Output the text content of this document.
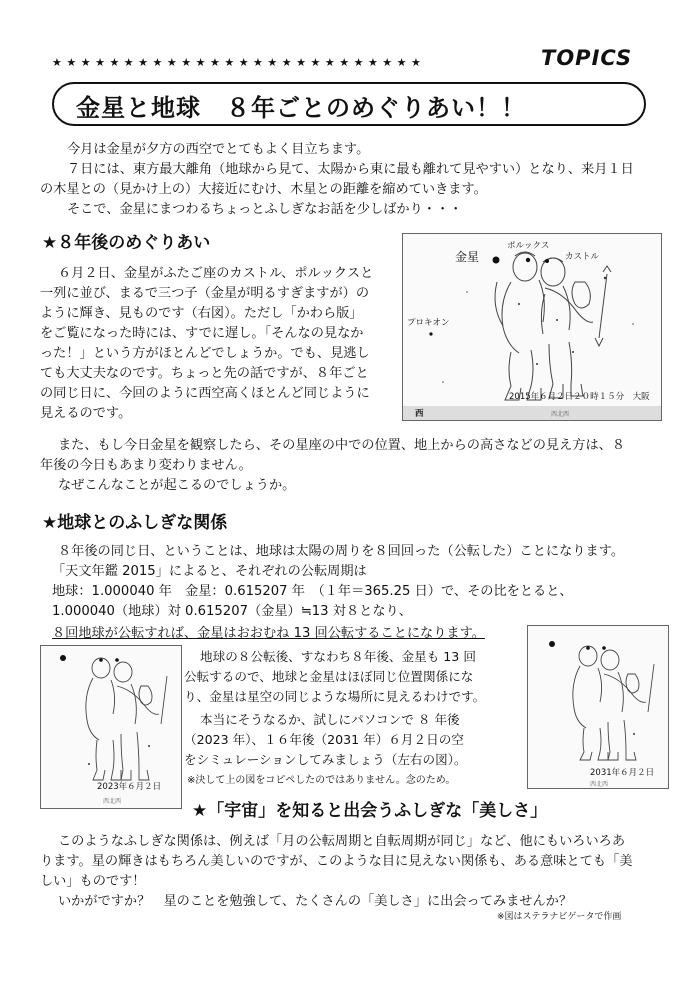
★★★★★★★★★★★★★★★★★★★★★★★★★★	TOPICS
金星と地球　８年ごとのめぐりあい！！
今月は金星が夕方の西空でとてもよく目立ちます。
７日には、東方最大離角（地球から見て、太陽から東に最も離れて見やすい）となり、来月１日
の木星との（見かけ上の）大接近にむけ、木星との距離を縮めていきます。
そこで、金星にまつわるちょっとふしぎなお話を少しばかり・・・
★８年後のめぐりあい
６月２日、金星がふたご座のカストル、ポルックスと
一列に並び、まるで三つ子（金星が明るすぎますが）の
ように輝き、見ものです（右図）。ただし「かわら版」
をご覧になった時には、すでに遅し。「そんなの見なか
った！」という方がほとんどでしょうか。でも、見逃し
ても大丈夫なのです。ちょっと先の話ですが、８年ごと
の同じ日に、今回のように西空高くほとんど同じように
見えるのです。
また、もし今日金星を観察したら、その星座の中での位置、地上からの高さなどの見え方は、８
年後の今日もあまり変わりません。
なぜこんなことが起こるのでしょうか。
金星
ポルックス
カストル
プロキオン
2015年６月２日２０時１５分　大阪
西	西北西
★地球とのふしぎな関係
８年後の同じ日、ということは、地球は太陽の周りを８回回った（公転した）ことになります。
「天文年鑑 2015」によると、それぞれの公転周期は
地球：1.000040 年　金星：0.615207 年　（１年＝365.25 日）で、その比をとると、
1.000040（地球）対 0.615207（金星）≒13 対８となり、
８回地球が公転すれば、金星はおおむね 13 回公転することになります。
地球の８公転後、すなわち８年後、金星も 13 回
公転するので、地球と金星はほぼ同じ位置関係にな
り、金星は星空の同じような場所に見えるわけです。
本当にそうなるか、試しにパソコンで ８ 年後
（2023 年）、１６年後（2031 年）６月２日の空
をシミュレーションしてみましょう（左右の図）。
※決して上の図をコピペしたのではありません。念のため。
2023年６月２日
西北西
2031年６月２日
西北西
★「宇宙」を知ると出会うふしぎな「美しさ」
このようなふしぎな関係は、例えば「月の公転周期と自転周期が同じ」など、他にもいろいろあ
ります。星の輝きはもちろん美しいのですが、このような目に見えない関係も、ある意味とても「美
しい」ものです！
いかがですか？　星のことを勉強して、たくさんの「美しさ」に出会ってみませんか？
※図はステラナビゲータで作画
